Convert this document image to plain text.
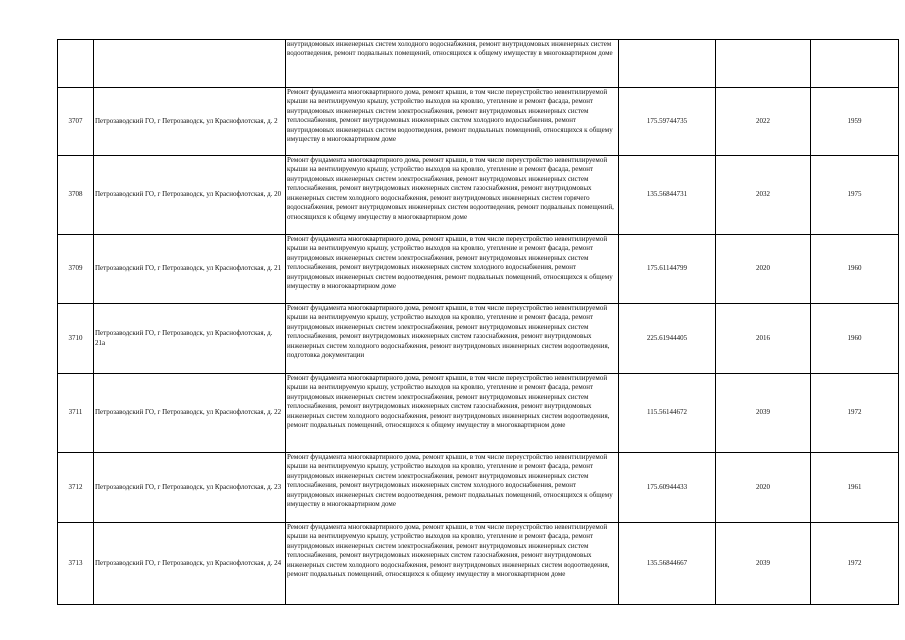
		внутридомовых инженерных систем холодного водоснабжения, ремонт внутридомовых инженерных систем водоотведения, ремонт подвальных помещений, относящихся к общему имуществу в многоквартирном доме			

3707	Петрозаводский ГО, г Петрозаводск, ул Краснофлотская, д. 2	Ремонт фундамента многоквартирного дома, ремонт крыши, в том числе переустройство невентилируемой крыши на вентилируемую крышу, устройство выходов на кровлю, утепление и ремонт фасада, ремонт внутридомовых инженерных систем электроснабжения, ремонт внутридомовых инженерных систем теплоснабжения, ремонт внутридомовых инженерных систем холодного водоснабжения, ремонт внутридомовых инженерных систем водоотведения, ремонт подвальных помещений, относящихся к общему имуществу в многоквартирном доме	175.59744735	2022	1959
3708	Петрозаводский ГО, г Петрозаводск, ул Краснофлотская, д. 20	Ремонт фундамента многоквартирного дома, ремонт крыши, в том числе переустройство невентилируемой крыши на вентилируемую крышу, устройство выходов на кровлю, утепление и ремонт фасада, ремонт внутридомовых инженерных систем электроснабжения, ремонт внутридомовых инженерных систем теплоснабжения, ремонт внутридомовых инженерных систем газоснабжения, ремонт внутридомовых инженерных систем холодного водоснабжения, ремонт внутридомовых инженерных систем горячего водоснабжения, ремонт внутридомовых инженерных систем водоотведения, ремонт подвальных помещений, относящихся к общему имуществу в многоквартирном доме	135.56844731	2032	1975
3709	Петрозаводский ГО, г Петрозаводск, ул Краснофлотская, д. 21	Ремонт фундамента многоквартирного дома, ремонт крыши, в том числе переустройство невентилируемой крыши на вентилируемую крышу, устройство выходов на кровлю, утепление и ремонт фасада, ремонт внутридомовых инженерных систем электроснабжения, ремонт внутридомовых инженерных систем теплоснабжения, ремонт внутридомовых инженерных систем холодного водоснабжения, ремонт внутридомовых инженерных систем водоотведения, ремонт подвальных помещений, относящихся к общему имуществу в многоквартирном доме	175.61144799	2020	1960
3710	Петрозаводский ГО, г Петрозаводск, ул Краснофлотская, д. 21а	Ремонт фундамента многоквартирного дома, ремонт крыши, в том числе переустройство невентилируемой крыши на вентилируемую крышу, устройство выходов на кровлю, утепление и ремонт фасада, ремонт внутридомовых инженерных систем электроснабжения, ремонт внутридомовых инженерных систем теплоснабжения, ремонт внутридомовых инженерных систем газоснабжения, ремонт внутридомовых инженерных систем холодного водоснабжения, ремонт внутридомовых инженерных систем водоотведения, подготовка документации	225.61944405	2016	1960
3711	Петрозаводский ГО, г Петрозаводск, ул Краснофлотская, д. 22	Ремонт фундамента многоквартирного дома, ремонт крыши, в том числе переустройство невентилируемой крыши на вентилируемую крышу, устройство выходов на кровлю, утепление и ремонт фасада, ремонт внутридомовых инженерных систем электроснабжения, ремонт внутридомовых инженерных систем теплоснабжения, ремонт внутридомовых инженерных систем газоснабжения, ремонт внутридомовых инженерных систем холодного водоснабжения, ремонт внутридомовых инженерных систем водоотведения, ремонт подвальных помещений, относящихся к общему имуществу в многоквартирном доме	115.56144672	2039	1972
3712	Петрозаводский ГО, г Петрозаводск, ул Краснофлотская, д. 23	Ремонт фундамента многоквартирного дома, ремонт крыши, в том числе переустройство невентилируемой крыши на вентилируемую крышу, устройство выходов на кровлю, утепление и ремонт фасада, ремонт внутридомовых инженерных систем электроснабжения, ремонт внутридомовых инженерных систем теплоснабжения, ремонт внутридомовых инженерных систем холодного водоснабжения, ремонт внутридомовых инженерных систем водоотведения, ремонт подвальных помещений, относящихся к общему имуществу в многоквартирном доме	175.60944433	2020	1961
3713	Петрозаводский ГО, г Петрозаводск, ул Краснофлотская, д. 24	Ремонт фундамента многоквартирного дома, ремонт крыши, в том числе переустройство невентилируемой крыши на вентилируемую крышу, устройство выходов на кровлю, утепление и ремонт фасада, ремонт внутридомовых инженерных систем электроснабжения, ремонт внутридомовых инженерных систем теплоснабжения, ремонт внутридомовых инженерных систем газоснабжения, ремонт внутридомовых инженерных систем холодного водоснабжения, ремонт внутридомовых инженерных систем водоотведения, ремонт подвальных помещений, относящихся к общему имуществу в многоквартирном доме	135.56844667	2039	1972
